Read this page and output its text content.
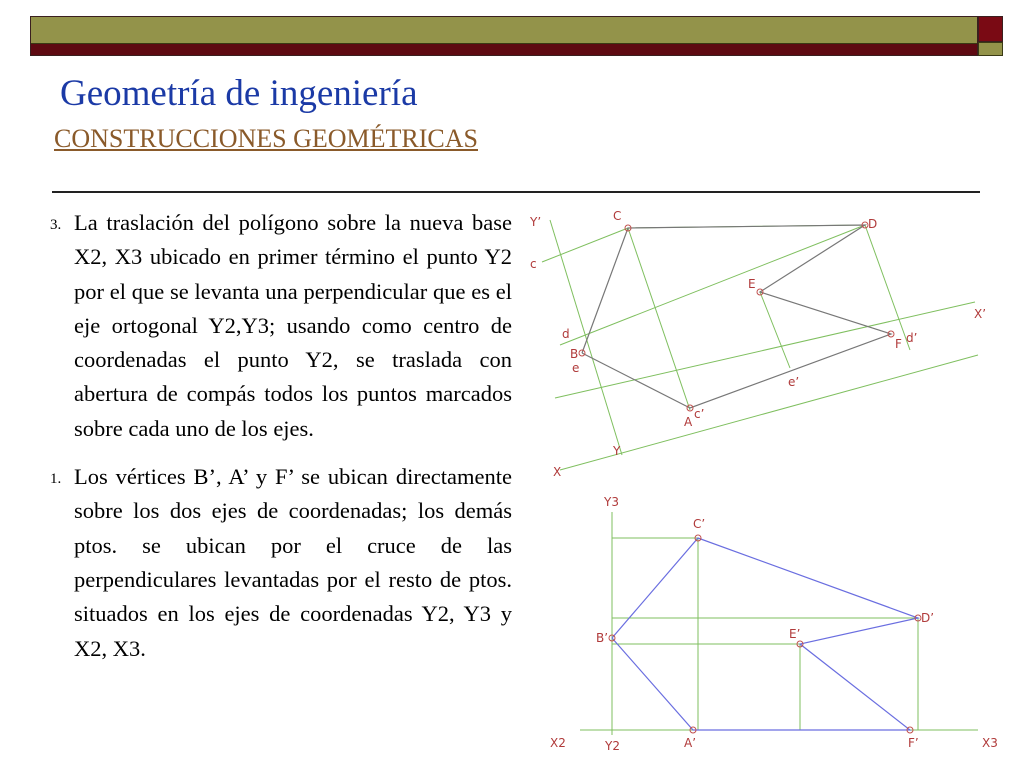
Geometría de ingeniería
CONSTRUCCIONES GEOMÉTRICAS
3. La traslación del polígono sobre la nueva base X2, X3 ubicado en primer término el punto Y2 por el que se levanta una perpendicular que es el eje ortogonal Y2,Y3; usando como centro de coordenadas el punto Y2, se traslada con abertura de compás todos los puntos marcados sobre cada uno de los ejes.
1. Los vértices B’, A’ y F’ se ubican directamente sobre los dos ejes de coordenadas; los demás ptos. se ubican por el cruce de las perpendiculares levantadas por el resto de ptos. situados en los ejes de coordenadas Y2, Y3 y X2, X3.
Y’
c
C
D
E
d
B
e
X’
F d’
e’
A
c’
Y
X
Y3
C’
D’
E’
B’
A’	F’
X2	Y2	X3
